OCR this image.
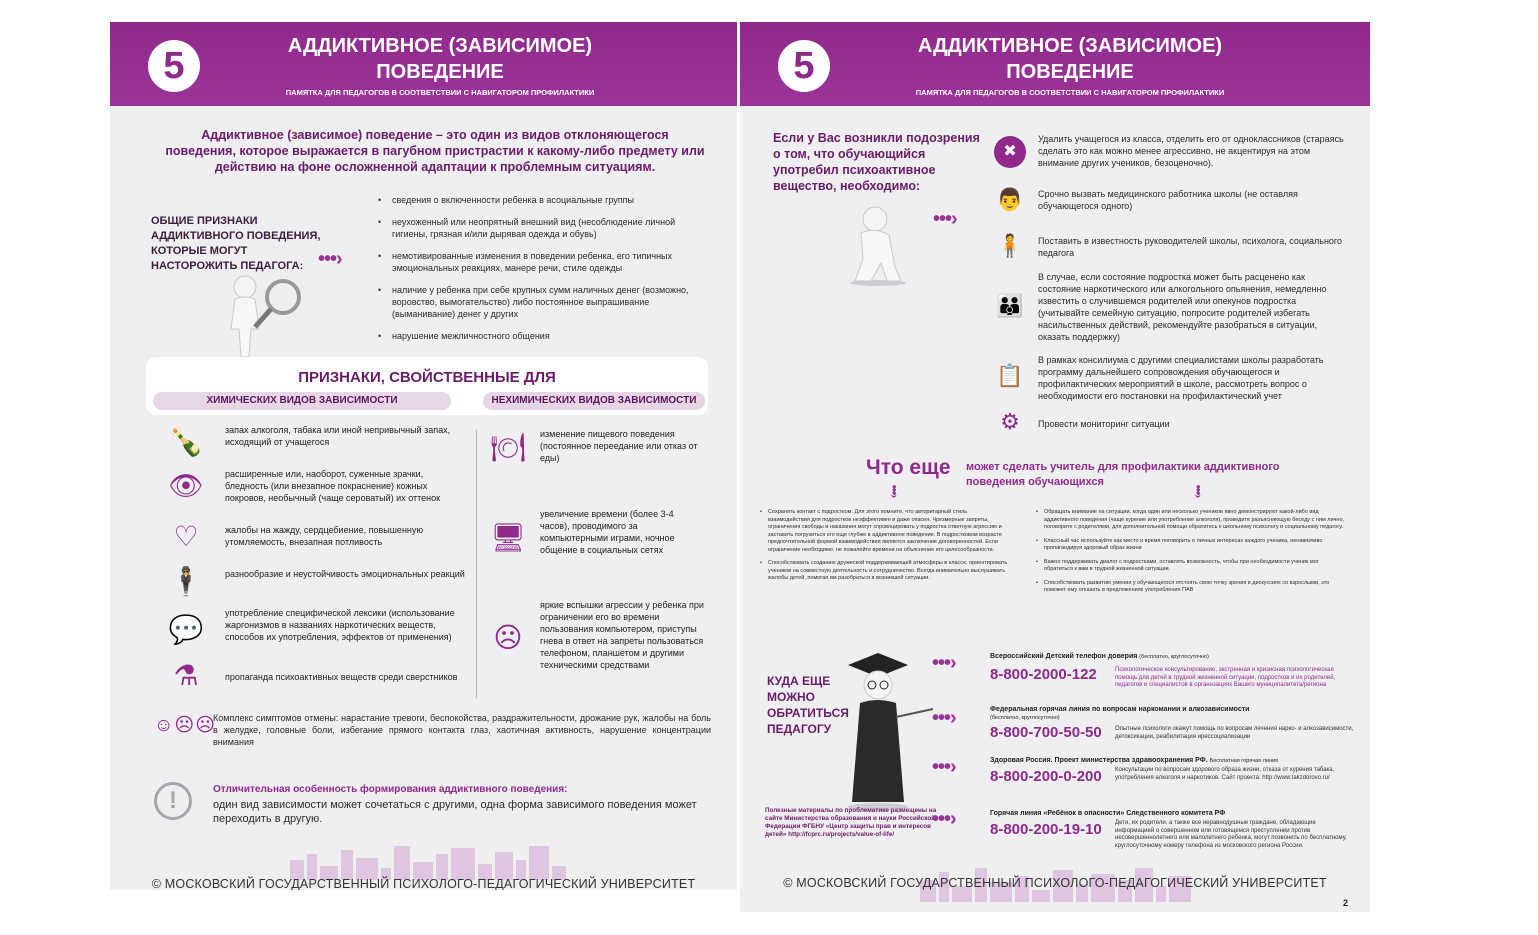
5	АДДИКТИВНОЕ (ЗАВИСИМОЕ)
ПОВЕДЕНИЕ
ПАМЯТКА ДЛЯ ПЕДАГОГОВ В СООТВЕТСТВИИ С НАВИГАТОРОМ ПРОФИЛАКТИКИ
Аддиктивное (зависимое) поведение – это один из видов отклоняющегося поведения, которое выражается в пагубном пристрастии к какому-либо предмету или действию на фоне осложненной адаптации к проблемным ситуациям.
ОБЩИЕ ПРИЗНАКИ АДДИКТИВНОГО ПОВЕДЕНИЯ, КОТОРЫЕ МОГУТ НАСТОРОЖИТЬ ПЕДАГОГА: •••›
• сведения о включенности ребенка в асоциальные группы
• неухоженный или неопрятный внешний вид (несоблюдение личной гигиены, грязная и/или дырявая одежда и обувь)
• немотивированные изменения в поведении ребенка, его типичных эмоциональных реакциях, манере речи, стиле одежды
• наличие у ребенка при себе крупных сумм наличных денег (возможно, воровство, вымогательство) либо постоянное выпрашивание (выманивание) денег у других
• нарушение межличностного общения
ПРИЗНАКИ, СВОЙСТВЕННЫЕ ДЛЯ
ХИМИЧЕСКИХ ВИДОВ ЗАВИСИМОСТИ	НЕХИМИЧЕСКИХ ВИДОВ ЗАВИСИМОСТИ
🍾 запах алкоголя, табака или иной непривычный запах, исходящий от учащегося
👁 расширенные или, наоборот, суженные зрачки, бледность (или внезапное покраснение) кожных покровов, необычный (чаще сероватый) их оттенок
♡	жалобы на жажду, сердцебиение, повышенную утомляемость, внезапная потливость
🕴 разнообразие и неустойчивость эмоциональных реакций
💬
употребление специфической лексики (использование жаргонизмов в названиях наркотических веществ, способов их употребления, эффектов от применения)
⚗	пропаганда психоактивных веществ среди сверстников
🍽 изменение пищевого поведения (постоянное переедание или отказ от еды)
🖥
увеличение времени (более 3-4 часов), проводимого за компьютерными играми, ночное общение в социальных сетях
☹
яркие вспышки агрессии у ребенка при ограничении его во времени пользования компьютером, приступы гнева в ответ на запреты пользоваться телефоном, планшетом и другими техническими средствами
☺☹☹
Комплекс симптомов отмены: нарастание тревоги, беспокойства, раздражительности, дрожание рук, жалобы на боль в желудке, головные боли, избегание прямого контакта глаз, хаотичная активность, нарушение концентрации внимания
!	Отличительная особенность формирования аддиктивного поведения:
один вид зависимости может сочетаться с другими, одна форма зависимого поведения может переходить в другую.
© МОСКОВСКИЙ ГОСУДАРСТВЕННЫЙ ПСИХОЛОГО-ПЕДАГОГИЧЕСКИЙ УНИВЕРСИТЕТ
5	АДДИКТИВНОЕ (ЗАВИСИМОЕ)
ПОВЕДЕНИЕ
ПАМЯТКА ДЛЯ ПЕДАГОГОВ В СООТВЕТСТВИИ С НАВИГАТОРОМ ПРОФИЛАКТИКИ
Если у Вас возникли подозрения о том, что обучающийся употребил психоактивное вещество, необходимо:
•••›
✖
Удалить учащегося из класса, отделить его от одноклассников (стараясь сделать это как можно менее агрессивно, не акцентируя на этом внимание других учеников, безоценочно).
👨 Срочно вызвать медицинского работника школы (не оставляя обучающегося одного)
🧍 Поставить в известность руководителей школы, психолога, социального педагога
👪
В случае, если состояние подростка может быть расценено как состояние наркотического или алкогольного опьянения, немедленно известить о случившемся родителей или опекунов подростка (учитывайте семейную ситуацию, попросите родителей избегать насильственных действий, рекомендуйте разобраться в ситуации, оказать поддержку)
📋
В рамках консилиума с другими специалистами школы разработать программу дальнейшего сопровождения обучающегося и профилактических мероприятий в школе, рассмотреть вопрос о необходимости его постановки на профилактический учет
⚙	Провести мониторинг ситуации
Что еще может сделать учитель для профилактики аддиктивного поведения обучающихся
•••›	•••›
• Сохранять контакт с подростком. Для этого помните, что авторитарный стиль взаимодействия для подростков неэффективен и даже опасен. Чрезмерные запреты, ограничения свободы и наказания могут спровоцировать у подростка ответную агрессию и заставить погрузиться его еще глубже в аддиктивное поведение. В подростковом возрасте предпочтительной формой взаимодействия является заключение договоренностей. Если ограничение необходимо, не пожалейте времени на объяснение его целесообразности.
• Способствовать созданию дружеской поддерживающей атмосферы в классе, ориентировать учеников на совместную деятельность и сотрудничество. Всегда внимательно выслушивать жалобы детей, помогая им разобраться в возникшей ситуации.
• Обращать внимание на ситуации, когда один или несколько учеников явно демонстрируют какой-либо вид аддиктивного поведения (чаще курение или употребление алкоголя), проведите разъясняющую беседу с ним лично, поговорите с родителями, для дополнительной помощи обратитесь к школьному психологу и социальному педагогу.
• Классный час используйте как место и время поговорить о личных интересах каждого ученика, ненавязчиво пропагандируя здоровый образ жизни
• Важно поддерживать диалог с подростками, оставлять возможность, чтобы при необходимости ученик мог обратиться к вам в трудной жизненной ситуации.
• Способствовать развитию умения у обучающегося отстоять свою точку зрения в дискуссиях со взрослыми, это поможет ему отказать в предложениях употребления ПАВ
КУДА ЕЩЕ МОЖНО ОБРАТИТЬСЯ ПЕДАГОГУ
Полезные материалы по проблематике размещены на сайте Министерства образования и науки Российской Федерации ФГБНУ «Центр защиты прав и интересов детей» http://fcprc.ru/projects/value-of-life/
•••›
•••›
•••›
•••›
Всероссийский Детский телефон доверия (бесплатно, круглосуточно)
8-800-2000-122	Психологическое консультирование, экстренная и кризисная психологическая помощь для детей в трудной жизненной ситуации, подростков и их родителей, педагогов и специалистов в организациях Вашего муниципалитета/региона
Федеральная горячая линия по вопросам наркомании и алкозависимости
(бесплатно, круглосуточно)
8-800-700-50-50 Опытные психологи окажут помощь по вопросам лечения нарко- и алкозависимости, детоксикации, реабилитация ирессоциализации
Здоровая Россия. Проект министерства здравоохранения РФ. Бесплатная горячая линия
8-800-200-0-200 Консультации по вопросам здорового образа жизни, отказа от курения табака, употребления алкоголя и наркотиков. Сайт проекта: http://www.takzdorovo.ru/
Горячая линия «Ребёнок в опасности» Следственного комитета РФ
8-800-200-19-10 Дети, их родители, а также все неравнодушные граждане, обладающие информацией о совершенном или готовящемся преступлении против несовершеннолетнего или малолетнего ребенка, могут позвонить по бесплатному, круглосуточному номеру телефона из московского региона России.
© МОСКОВСКИЙ ГОСУДАРСТВЕННЫЙ ПСИХОЛОГО-ПЕДАГОГИЧЕСКИЙ УНИВЕРСИТЕТ
2
